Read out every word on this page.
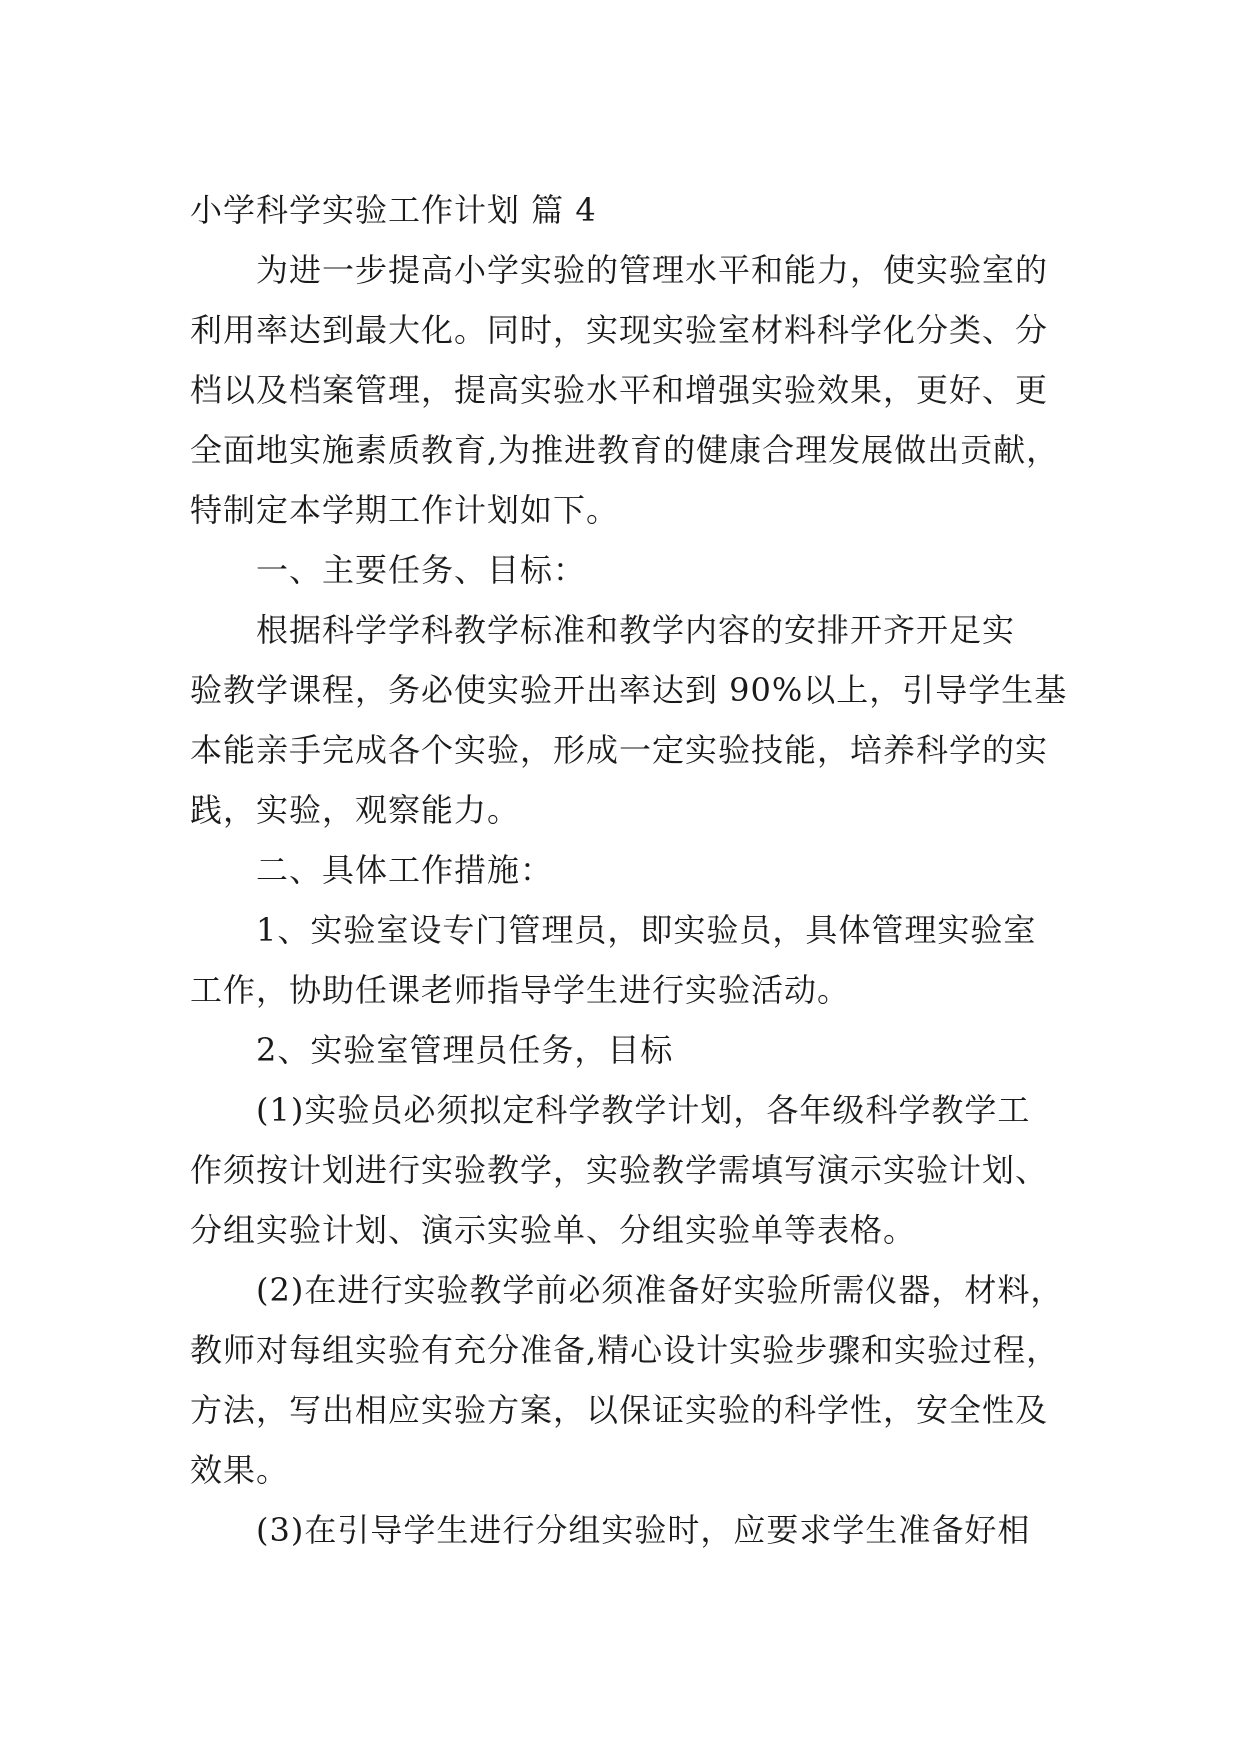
小学科学实验工作计划 篇 4
为进一步提高小学实验的管理水平和能力，使实验室的
利用率达到最大化。同时，实现实验室材料科学化分类、分
档以及档案管理，提高实验水平和增强实验效果，更好、更
全面地实施素质教育,为推进教育的健康合理发展做出贡献，
特制定本学期工作计划如下。
一、主要任务、目标：
根据科学学科教学标准和教学内容的安排开齐开足实
验教学课程，务必使实验开出率达到 90%以上，引导学生基
本能亲手完成各个实验，形成一定实验技能，培养科学的实
践，实验，观察能力。
二、具体工作措施：
1、实验室设专门管理员，即实验员，具体管理实验室
工作，协助任课老师指导学生进行实验活动。
2、实验室管理员任务，目标
(1)实验员必须拟定科学教学计划，各年级科学教学工
作须按计划进行实验教学，实验教学需填写演示实验计划、
分组实验计划、演示实验单、分组实验单等表格。
(2)在进行实验教学前必须准备好实验所需仪器，材料，
教师对每组实验有充分准备,精心设计实验步骤和实验过程，
方法，写出相应实验方案，以保证实验的科学性，安全性及
效果。
(3)在引导学生进行分组实验时，应要求学生准备好相
